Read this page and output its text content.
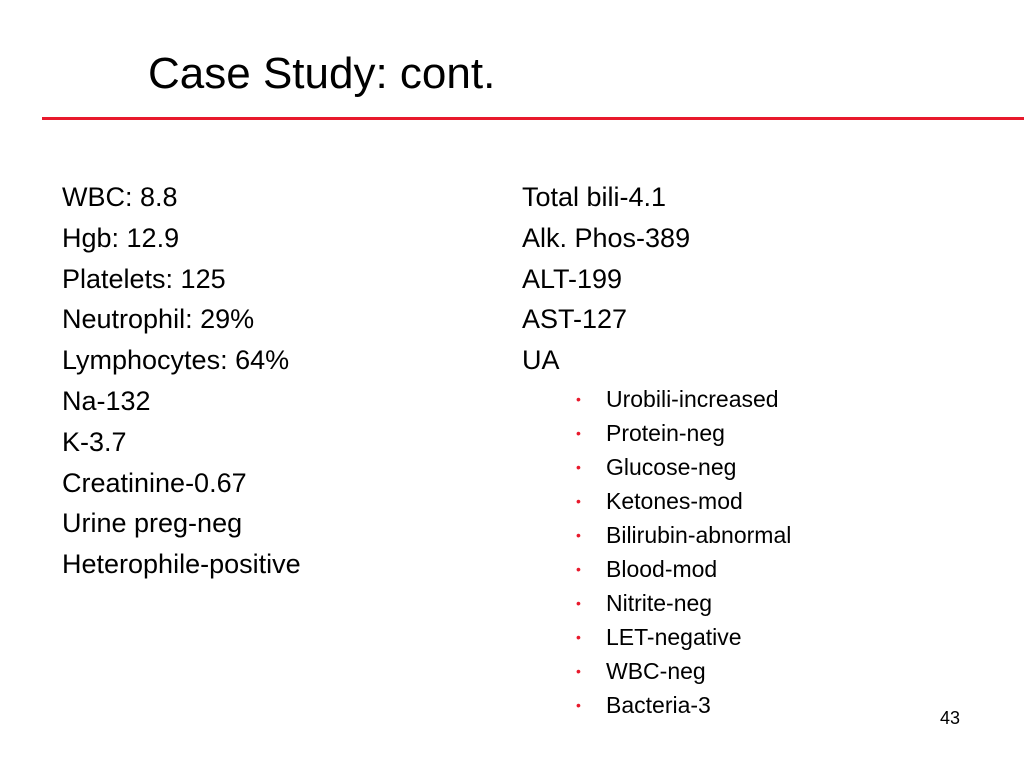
Case Study: cont.
WBC: 8.8
Hgb: 12.9
Platelets: 125
Neutrophil: 29%
Lymphocytes: 64%
Na-132
K-3.7
Creatinine-0.67
Urine preg-neg
Heterophile-positive
Total bili-4.1
Alk. Phos-389
ALT-199
AST-127
UA
• Urobili-increased
• Protein-neg
• Glucose-neg
• Ketones-mod
• Bilirubin-abnormal
• Blood-mod
• Nitrite-neg
• LET-negative
• WBC-neg
• Bacteria-3	43
